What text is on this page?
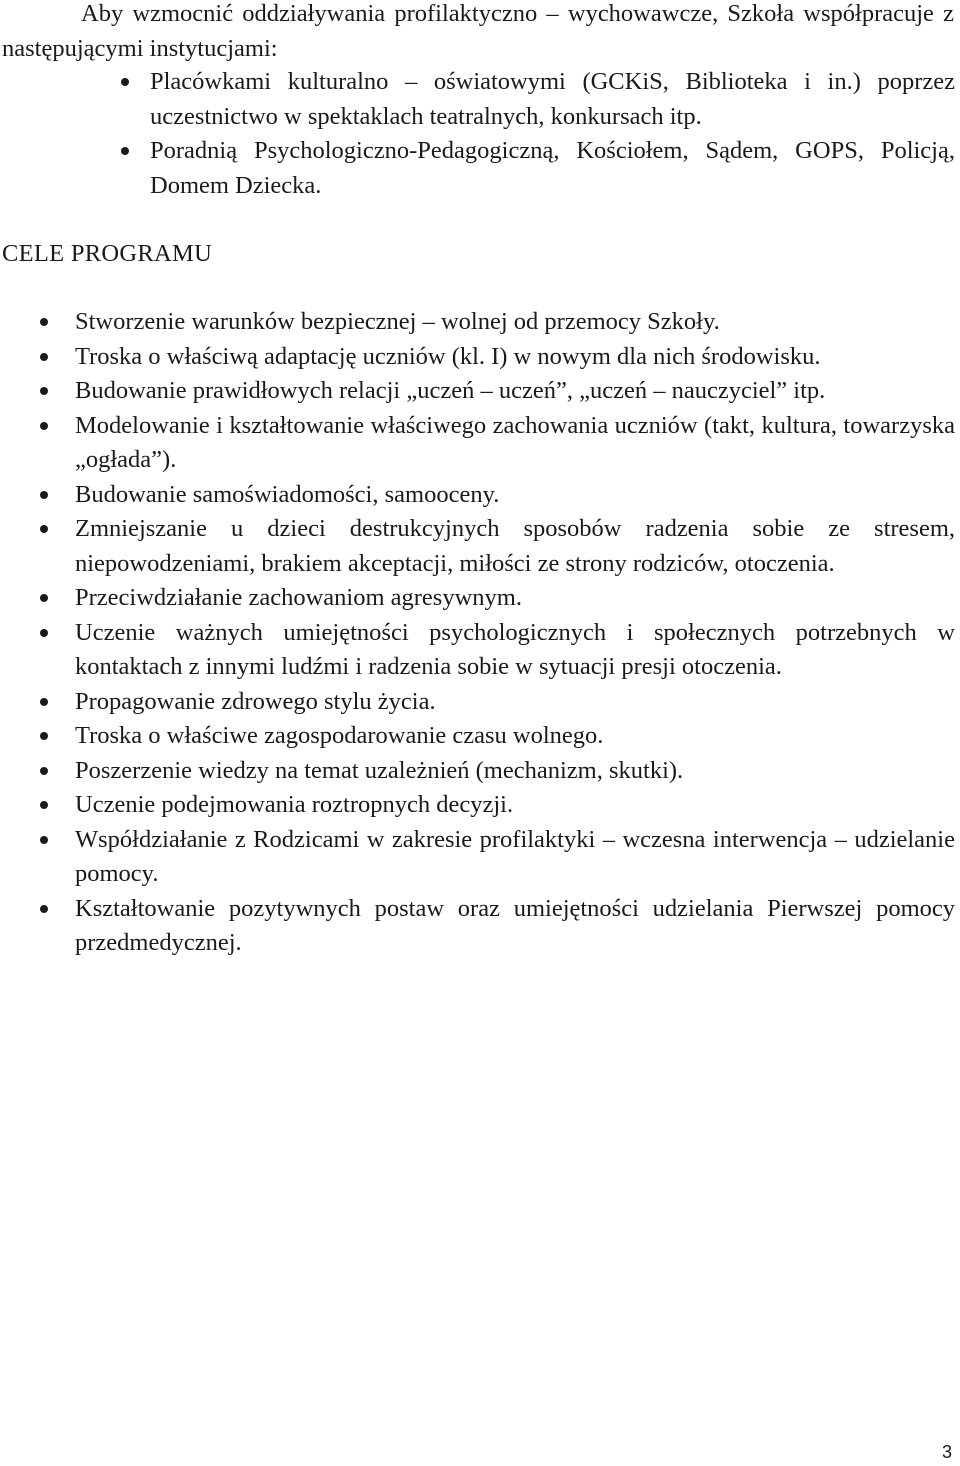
Aby wzmocnić oddziaływania profilaktyczno – wychowawcze, Szkoła współpracuje z następującymi instytucjami:

Placówkami kulturalno – oświatowymi (GCKiS, Biblioteka i in.) poprzez uczestnictwo w spektaklach teatralnych, konkursach itp.
Poradnią Psychologiczno-Pedagogiczną, Kościołem, Sądem, GOPS, Policją, Domem Dziecka.
CELE PROGRAMU
Stworzenie warunków bezpiecznej – wolnej od przemocy Szkoły.
Troska o właściwą adaptację uczniów (kl. I) w nowym dla nich środowisku.
Budowanie prawidłowych relacji „uczeń – uczeń”, „uczeń – nauczyciel” itp.
Modelowanie i kształtowanie właściwego zachowania uczniów (takt, kultura, towarzyska „ogłada”).
Budowanie samoświadomości, samooceny.
Zmniejszanie u dzieci destrukcyjnych sposobów radzenia sobie ze stresem, niepowodzeniami, brakiem akceptacji, miłości ze strony rodziców, otoczenia.
Przeciwdziałanie zachowaniom agresywnym.
Uczenie ważnych umiejętności psychologicznych i społecznych potrzebnych w kontaktach z innymi ludźmi i radzenia sobie w sytuacji presji otoczenia.
Propagowanie zdrowego stylu życia.
Troska o właściwe zagospodarowanie czasu wolnego.
Poszerzenie wiedzy na temat uzależnień (mechanizm, skutki).
Uczenie podejmowania roztropnych decyzji.
Współdziałanie z Rodzicami w zakresie profilaktyki – wczesna interwencja – udzielanie pomocy.
Kształtowanie pozytywnych postaw oraz umiejętności udzielania Pierwszej pomocy przedmedycznej.
3
